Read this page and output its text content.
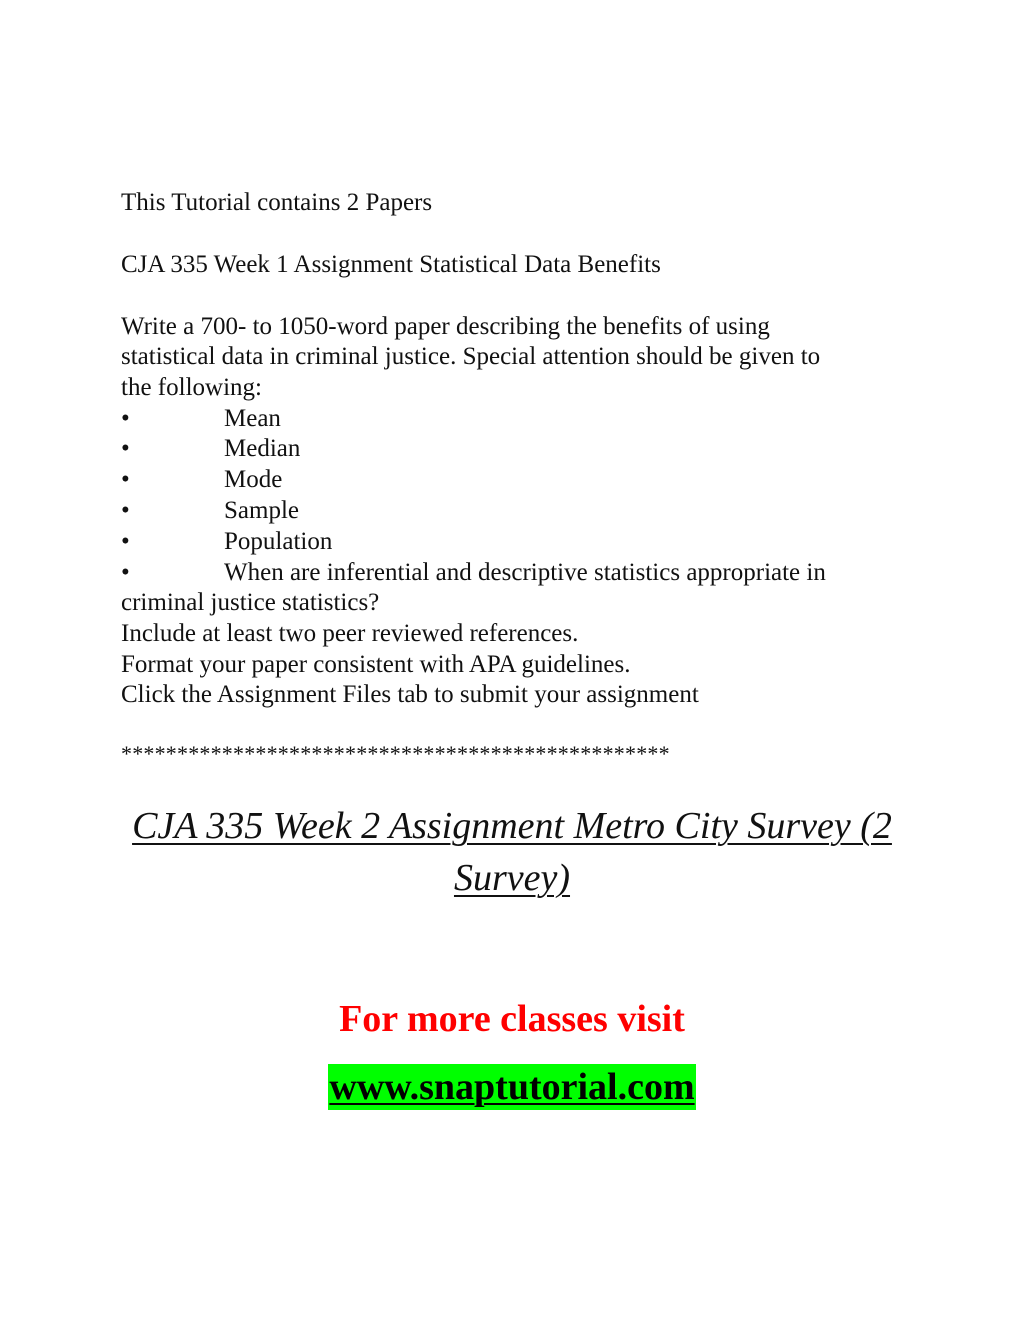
This Tutorial contains 2 Papers
CJA 335 Week 1 Assignment Statistical Data Benefits
Write a 700- to 1050-word paper describing the benefits of using
statistical data in criminal justice. Special attention should be given to
the following:
•	Mean
•	Median
•	Mode
•	Sample
•	Population
•	When are inferential and descriptive statistics appropriate in
criminal justice statistics?
Include at least two peer reviewed references.
Format your paper consistent with APA guidelines.
Click the Assignment Files tab to submit your assignment
*************************************************
CJA 335 Week 2 Assignment Metro City Survey (2
Survey)
For more classes visit
www.snaptutorial.com
